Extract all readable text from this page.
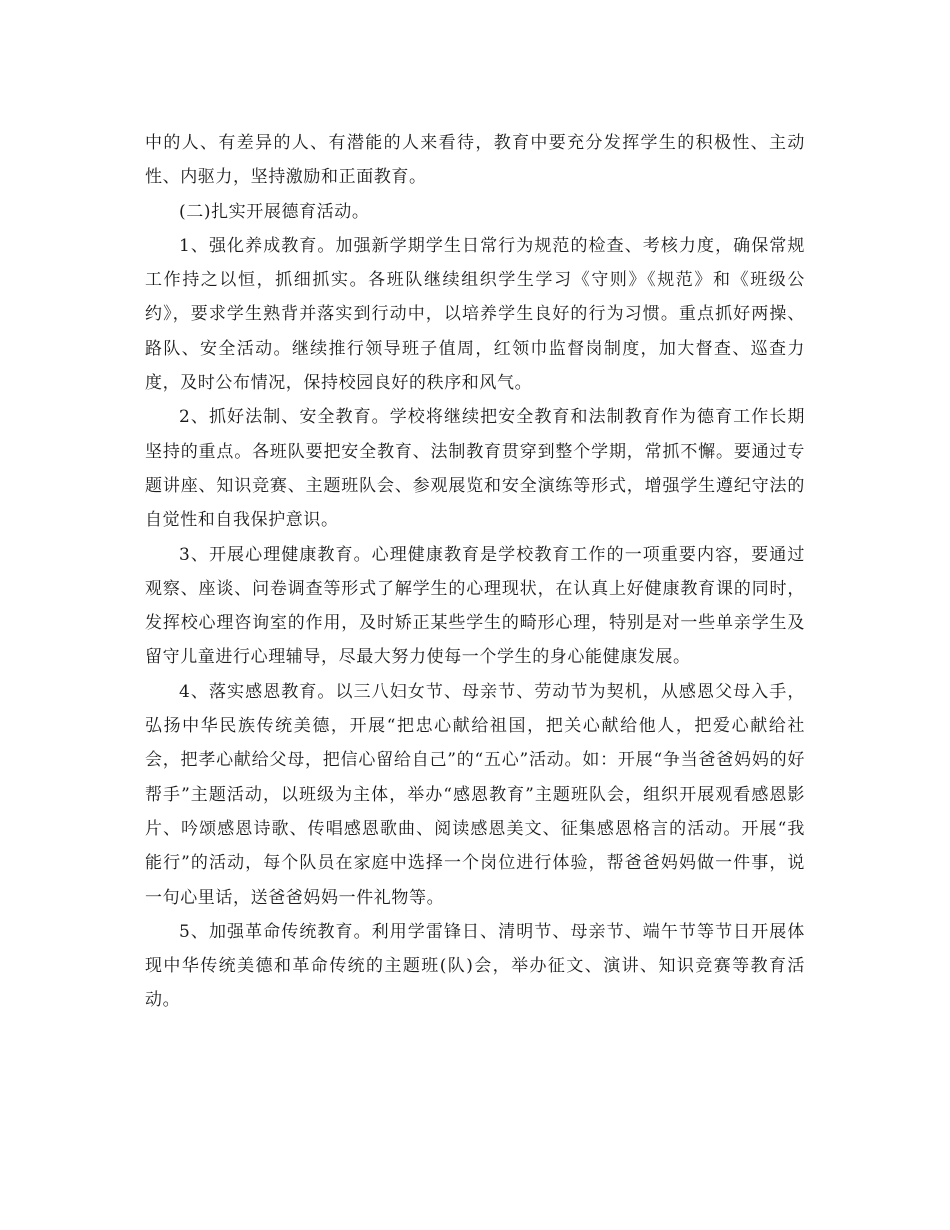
中的人、有差异的人、有潜能的人来看待，教育中要充分发挥学生的积极性、主动性、内驱力，坚持激励和正面教育。

(二)扎实开展德育活动。

1、强化养成教育。加强新学期学生日常行为规范的检查、考核力度，确保常规工作持之以恒，抓细抓实。各班队继续组织学生学习《守则》《规范》和《班级公约》，要求学生熟背并落实到行动中，以培养学生良好的行为习惯。重点抓好两操、路队、安全活动。继续推行领导班子值周，红领巾监督岗制度，加大督查、巡查力度，及时公布情况，保持校园良好的秩序和风气。

2、抓好法制、安全教育。学校将继续把安全教育和法制教育作为德育工作长期坚持的重点。各班队要把安全教育、法制教育贯穿到整个学期，常抓不懈。要通过专题讲座、知识竞赛、主题班队会、参观展览和安全演练等形式，增强学生遵纪守法的自觉性和自我保护意识。

3、开展心理健康教育。心理健康教育是学校教育工作的一项重要内容，要通过观察、座谈、问卷调查等形式了解学生的心理现状，在认真上好健康教育课的同时，发挥校心理咨询室的作用，及时矫正某些学生的畸形心理，特别是对一些单亲学生及留守儿童进行心理辅导，尽最大努力使每一个学生的身心能健康发展。

4、落实感恩教育。以三八妇女节、母亲节、劳动节为契机，从感恩父母入手，弘扬中华民族传统美德，开展“把忠心献给祖国，把关心献给他人，把爱心献给社会，把孝心献给父母，把信心留给自己”的“五心”活动。如：开展“争当爸爸妈妈的好帮手”主题活动，以班级为主体，举办“感恩教育”主题班队会，组织开展观看感恩影片、吟颂感恩诗歌、传唱感恩歌曲、阅读感恩美文、征集感恩格言的活动。开展“我能行”的活动，每个队员在家庭中选择一个岗位进行体验，帮爸爸妈妈做一件事，说一句心里话，送爸爸妈妈一件礼物等。

5、加强革命传统教育。利用学雷锋日、清明节、母亲节、端午节等节日开展体现中华传统美德和革命传统的主题班(队)会，举办征文、演讲、知识竞赛等教育活动。
